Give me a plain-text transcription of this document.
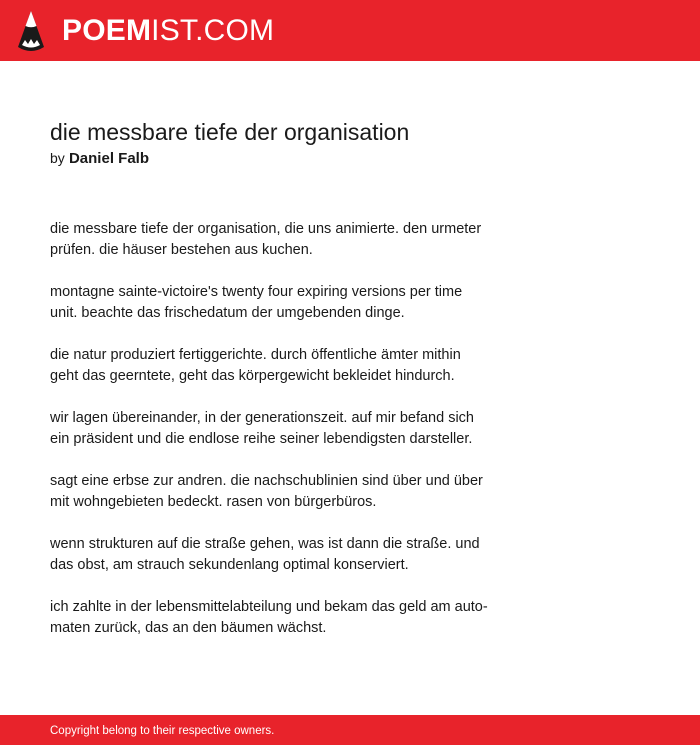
POEMIST.COM
die messbare tiefe der organisation
by Daniel Falb

die messbare tiefe der organisation, die uns animierte. den urmeter
prüfen. die häuser bestehen aus kuchen.

montagne sainte-victoire's twenty four expiring versions per time
unit. beachte das frischedatum der umgebenden dinge.

die natur produziert fertiggerichte. durch öffentliche ämter mithin
geht das geerntete, geht das körpergewicht bekleidet hindurch.

wir lagen übereinander, in der generationszeit. auf mir befand sich
ein präsident und die endlose reihe seiner lebendigsten darsteller.

sagt eine erbse zur andren. die nachschublinien sind über und über
mit wohngebieten bedeckt. rasen von bürgerbüros.

wenn strukturen auf die straße gehen, was ist dann die straße. und
das obst, am strauch sekundenlang optimal konserviert.

ich zahlte in der lebensmittelabteilung und bekam das geld am auto-
maten zurück, das an den bäumen wächst.

Copyright belong to their respective owners.
